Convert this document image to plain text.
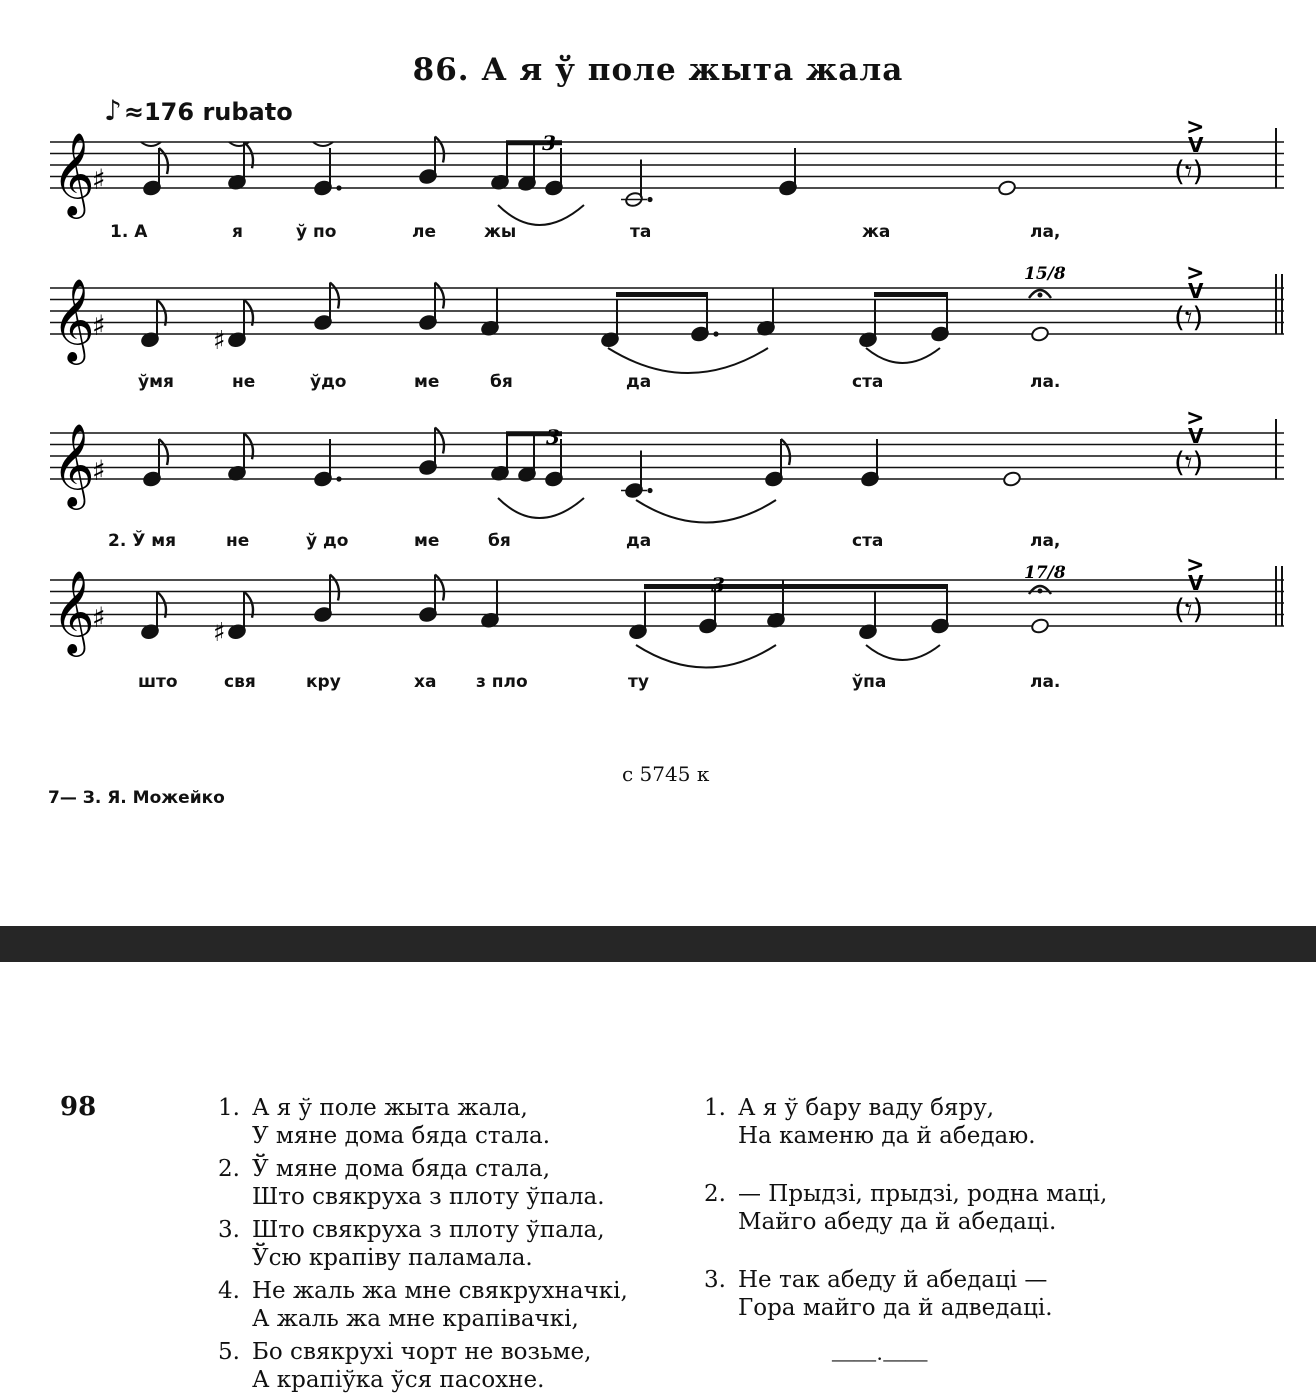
86. А я ў поле жыта жала
♪≈176 rubato
𝄞
♯
>
V
(𝄾)
𝄞
♯
>
V
(𝄾)
♯
𝄞
♯
>
V
(𝄾)
𝄞
♯
>
V
(𝄾)
♯
3
3
3
15/8
17/8
1. А	я	ў по	ле	жы	та	жа	ла,
ўмя	не	ўдо	ме	бя	да	ста	ла.
2. Ў мя	не	ў до	ме	бя	да	ста	ла,
што	свя	кру	ха з пло	ту	ўпа	ла.
с 5745 к
7— З. Я. Можейко
98	1. А я ў поле жыта жала,
У мяне дома бяда стала.
2. Ў мяне дома бяда стала,
Што свякруха з плоту ўпала.
3. Што свякруха з плоту ўпала,
Ўсю крапіву паламала.
4. Не жаль жа мне свякрухначкі,
А жаль жа мне крапівачкі,
5. Бо свякрухі чорт не возьме,
А крапіўка ўся пасохне.
1. А я ў бару ваду бяру,
На каменю да й абедаю.
2. — Прыдзі, прыдзі, родна маці,
Майго абеду да й абедаці.
3. Не так абеду й абедаці —
Гора майго да й адведаці.
——·——
